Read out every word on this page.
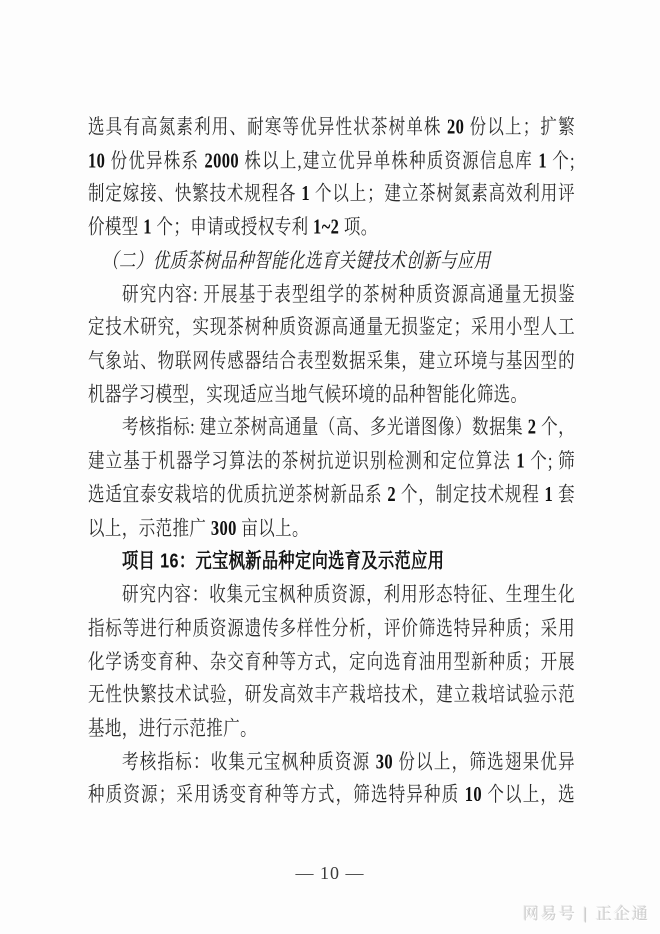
选具有高氮素利用、耐寒等优异性状茶树单株 20 份以上；扩繁
10 份优异株系 2000 株以上,建立优异单株种质资源信息库 1 个;
制定嫁接、快繁技术规程各 1 个以上；建立茶树氮素高效利用评
价模型 1 个；申请或授权专利 1~2 项。
（二）优质茶树品种智能化选育关键技术创新与应用
研究内容: 开展基于表型组学的茶树种质资源高通量无损鉴
定技术研究，实现茶树种质资源高通量无损鉴定；采用小型人工
气象站、物联网传感器结合表型数据采集，建立环境与基因型的
机器学习模型，实现适应当地气候环境的品种智能化筛选。
考核指标: 建立茶树高通量（高、多光谱图像）数据集 2 个，
建立基于机器学习算法的茶树抗逆识别检测和定位算法 1 个; 筛
选适宜泰安栽培的优质抗逆茶树新品系 2 个，制定技术规程 1 套
以上，示范推广 300 亩以上。
项目 16：元宝枫新品种定向选育及示范应用
研究内容：收集元宝枫种质资源，利用形态特征、生理生化
指标等进行种质资源遗传多样性分析，评价筛选特异种质；采用
化学诱变育种、杂交育种等方式，定向选育油用型新种质；开展
无性快繁技术试验，研发高效丰产栽培技术，建立栽培试验示范
基地，进行示范推广。
考核指标：收集元宝枫种质资源 30 份以上，筛选翅果优异
种质资源；采用诱变育种等方式，筛选特异种质 10 个以上，选
— 10 —
网易号 | 正企通
